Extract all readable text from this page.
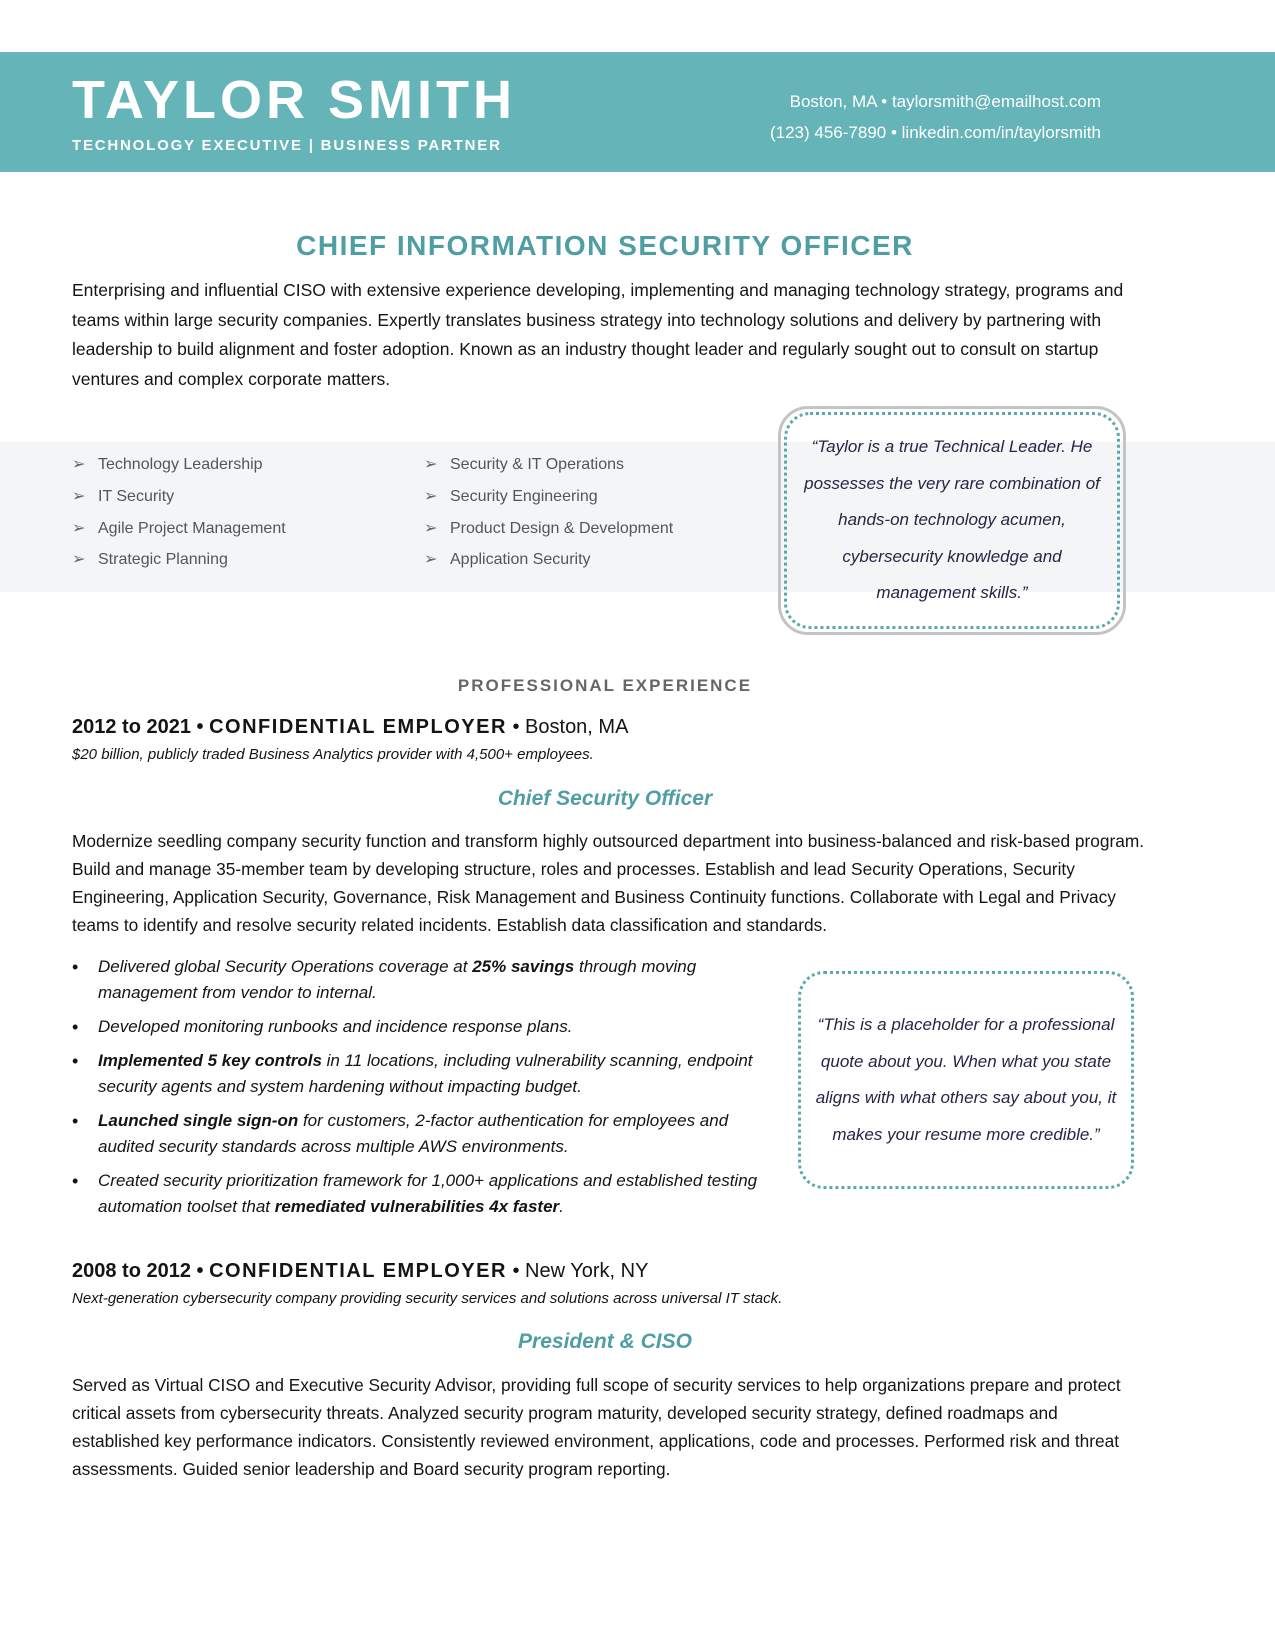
TAYLOR SMITH
TECHNOLOGY EXECUTIVE | BUSINESS PARTNER
Boston, MA • taylorsmith@emailhost.com
(123) 456-7890 • linkedin.com/in/taylorsmith
CHIEF INFORMATION SECURITY OFFICER
Enterprising and influential CISO with extensive experience developing, implementing and managing technology strategy, programs and teams within large security companies. Expertly translates business strategy into technology solutions and delivery by partnering with leadership to build alignment and foster adoption. Known as an industry thought leader and regularly sought out to consult on startup ventures and complex corporate matters.
➢ Technology Leadership
➢ IT Security
➢ Agile Project Management
➢ Strategic Planning
➢ Security & IT Operations
➢ Security Engineering
➢ Product Design & Development
➢ Application Security
“Taylor is a true Technical Leader. He possesses the very rare combination of hands-on technology acumen, cybersecurity knowledge and management skills.”
PROFESSIONAL EXPERIENCE
2012 to 2021 • CONFIDENTIAL EMPLOYER • Boston, MA
$20 billion, publicly traded Business Analytics provider with 4,500+ employees.
Chief Security Officer
Modernize seedling company security function and transform highly outsourced department into business-balanced and risk-based program. Build and manage 35-member team by developing structure, roles and processes. Establish and lead Security Operations, Security Engineering, Application Security, Governance, Risk Management and Business Continuity functions. Collaborate with Legal and Privacy teams to identify and resolve security related incidents. Establish data classification and standards.
• Delivered global Security Operations coverage at 25% savings through moving management from vendor to internal.
• Developed monitoring runbooks and incidence response plans.
• Implemented 5 key controls in 11 locations, including vulnerability scanning, endpoint security agents and system hardening without impacting budget.
• Launched single sign-on for customers, 2-factor authentication for employees and audited security standards across multiple AWS environments.
• Created security prioritization framework for 1,000+ applications and established testing automation toolset that remediated vulnerabilities 4x faster.
“This is a placeholder for a professional quote about you. When what you state aligns with what others say about you, it makes your resume more credible.”
2008 to 2012 • CONFIDENTIAL EMPLOYER • New York, NY
Next-generation cybersecurity company providing security services and solutions across universal IT stack.
President & CISO
Served as Virtual CISO and Executive Security Advisor, providing full scope of security services to help organizations prepare and protect critical assets from cybersecurity threats. Analyzed security program maturity, developed security strategy, defined roadmaps and established key performance indicators. Consistently reviewed environment, applications, code and processes. Performed risk and threat assessments. Guided senior leadership and Board security program reporting.
